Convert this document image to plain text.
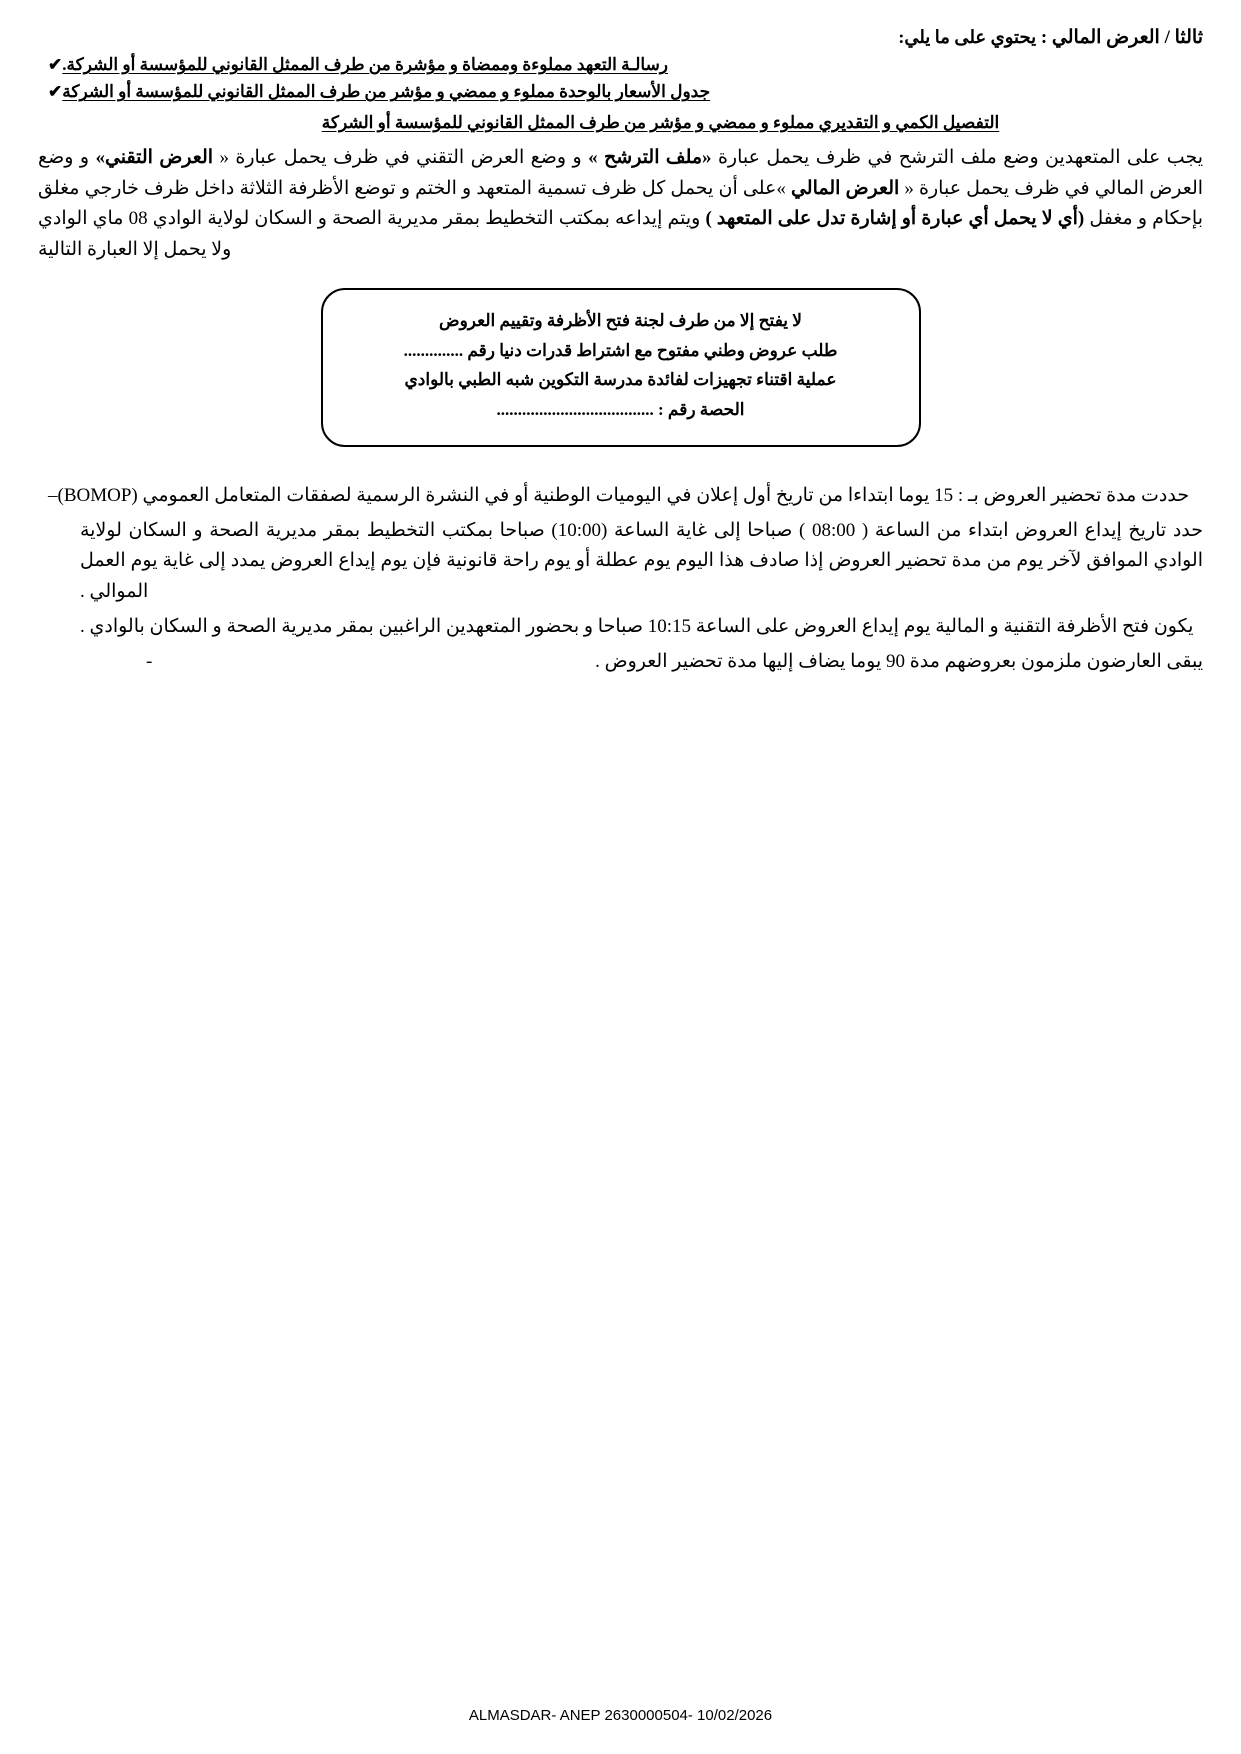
ثالثا / العرض المالي : يحتوي على ما يلي:

✔ رسالـة التعهد مملوءة وممضاة و مؤشرة من طرف الممثل القانوني للمؤسسة أو الشركة.
✔ جدول الأسعار بالوحدة مملوء و ممضي و مؤشر من طرف الممثل القانوني للمؤسسة أو الشركة
التفصيل الكمي و التقديري مملوء و ممضي و مؤشر من طرف الممثل القانوني للمؤسسة أو الشركة

يجب على المتعهدين وضع ملف الترشح في ظرف يحمل عبارة «ملف الترشح » و وضع العرض التقني في ظرف يحمل عبارة « العرض التقني» و وضع العرض المالي في ظرف يحمل عبارة « العرض المالي »على أن يحمل كل ظرف تسمية المتعهد و الختم و توضع الأظرفة الثلاثة داخل ظرف خارجي مغلق بإحكام و مغفل (أي لا يحمل أي عبارة أو إشارة تدل على المتعهد ) ويتم إيداعه بمكتب التخطيط بمقر مديرية الصحة و السكان لولاية الوادي 08 ماي الوادي ولا يحمل إلا العبارة التالية

لا يفتح إلا من طرف لجنة فتح الأظرفة وتقييم العروض
طلب عروض وطني مفتوح مع اشتراط قدرات دنيا رقم ..............
عملية اقتناء تجهيزات لفائدة مدرسة التكوين شبه الطبي بالوادي
الحصة رقم : .....................................
–	حددت مدة تحضير العروض بـ : 15 يوما ابتداءا من تاريخ أول إعلان في اليوميات الوطنية أو في النشرة الرسمية لصفقات المتعامل العمومي (BOMOP)
حدد تاريخ إيداع العروض ابتداء من الساعة ( 08:00 ) صباحا إلى غاية الساعة (10:00) صباحا بمكتب التخطيط بمقر مديرية الصحة و السكان لولاية الوادي الموافق لآخر يوم من مدة تحضير العروض إذا صادف هذا اليوم يوم عطلة أو يوم راحة قانونية فإن يوم إيداع العروض يمدد إلى غاية يوم العمل الموالي .
يكون فتح الأظرفة التقنية و المالية يوم إيداع العروض على الساعة 10:15 صباحا و بحضور المتعهدين الراغبين بمقر مديرية الصحة و السكان بالوادي .
-	يبقى العارضون ملزمون بعروضهم مدة 90 يوما يضاف إليها مدة تحضير العروض .
ALMASDAR- ANEP 2630000504- 10/02/2026
